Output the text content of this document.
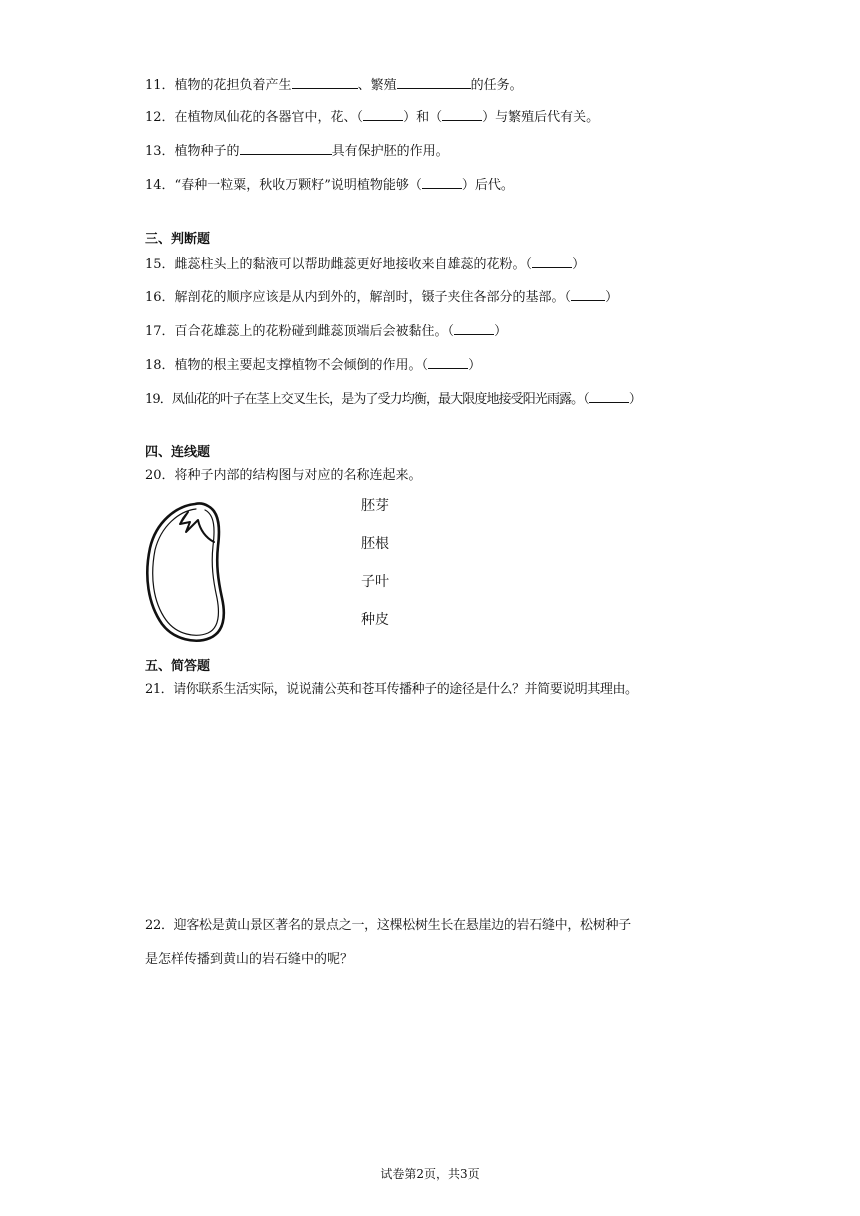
11．植物的花担负着产生	、繁殖	的任务。
12．在植物凤仙花的各器官中，花、（	）和（	）与繁殖后代有关。
13．植物种子的	具有保护胚的作用。
14．“春种一粒粟，秋收万颗籽”说明植物能够（	）后代。
三、判断题
15．雌蕊柱头上的黏液可以帮助雌蕊更好地接收来自雄蕊的花粉。（	）
16．解剖花的顺序应该是从内到外的，解剖时，镊子夹住各部分的基部。（	）
17．百合花雄蕊上的花粉碰到雌蕊顶端后会被黏住。（	）
18．植物的根主要起支撑植物不会倾倒的作用。（	）
19．凤仙花的叶子在茎上交叉生长，是为了受力均衡，最大限度地接受阳光雨露。（	）
四、连线题
20．将种子内部的结构图与对应的名称连起来。
胚芽
胚根
子叶
种皮
五、简答题
21．请你联系生活实际，说说蒲公英和苍耳传播种子的途径是什么？并简要说明其理由。
22．迎客松是黄山景区著名的景点之一，这棵松树生长在悬崖边的岩石缝中，松树种子
是怎样传播到黄山的岩石缝中的呢？
试卷第2页，共3页
